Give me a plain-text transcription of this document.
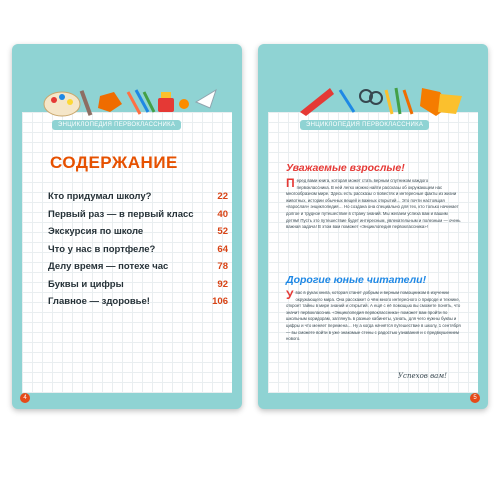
4	5
ЭНЦИКЛОПЕДИЯ ПЕРВОКЛАССНИКА	ЭНЦИКЛОПЕДИЯ ПЕРВОКЛАССНИКА
СОДЕРЖАНИЕ
Кто придумал школу?	22
Первый раз — в первый класс	40
Экскурсия по школе	52
Что у нас в портфеле?	64
Делу время — потехе час	78
Буквы и цифры	92
Главное — здоровье!	106
Уважаемые взрослые!
Перед вами книга, которая может стать верным спутником каждого первоклассника. В ней легко можно найти рассказы об окружающем нас многообразном мире. Здесь есть рассказы о повестях и интересные факты из жизни животных, истории обычных вещей и важных открытий… Это почти настоящая «взрослая» энциклопедия… Но создана она специально для тех, кто только начинает долгое и трудное путешествие в страну знаний. Мы желаем успеха вам и вашим детям! Пусть это путешествие будет интересным, увлекательным и полезным — очень важная задача! В этом вам поможет «Энциклопедия первоклассника»!
Дорогие юные читатели!
Увас в руках книга, которая станет добрым и верным помощником в изучении окружающего мира. Она расскажет о чём много интересного о природе и технике, откроет тайны в мире знаний и открытий. А ещё с её помощью вы сможете понять, что значит первоклассник. «Энциклопедия первоклассника» поможет вам пройти по школьным коридорам, заглянуть в разные кабинеты, узнать, для чего нужны буквы и цифры и что меняет перемена… Ну а когда начнётся путешествие в школу, 1 сентября — вы сможете войти в уже знакомые стены с радостью узнавания и с предвкушением нового.
Успехов вам!
